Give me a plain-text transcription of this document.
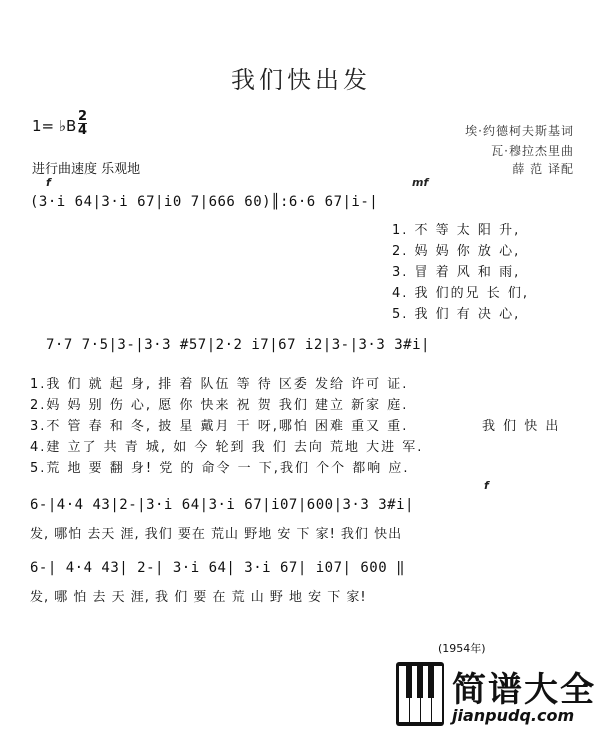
我们快出发
1= ♭B $\frac{2}{4}$
进行曲速度 乐观地
埃·约德柯夫斯基词
瓦·穆拉杰里曲
薛 范 译配
f	mf
(3·i 64|3·i 67|i0 7|666 60)║:6·6 67|i-|
1. 不 等 太 阳 升,
2. 妈 妈 你 放 心,
3. 冒 着 风 和 雨,
4. 我 们的兄 长 们,
5. 我 们 有 决 心,
7·7 7·5|3-|3·3 #57|2·2 i7|67 i2|3-|3·3 3#i|
1.我 们 就 起 身, 排 着 队伍 等 待 区委 发给 许可 证.
2.妈 妈 别 伤 心, 愿 你 快来 祝 贺 我们 建立 新家 庭.
3.不 管 春 和 冬, 披 星 戴月 干 呀,哪怕 困难 重又 重.
4.建 立了 共 青 城, 如 今 轮到 我 们 去向 荒地 大进 军.
5.荒 地 要 翻 身! 党 的 命令 一 下,我们 个个 都响 应.
我 们 快 出
f
6-|4·4 43|2-|3·i 64|3·i 67|i07|600|3·3 3#i|
发, 哪怕 去天 涯, 我们 要在 荒山 野地 安 下 家! 我们 快出
6-| 4·4 43| 2-| 3·i 64| 3·i 67| i07| 600 ‖
发, 哪 怕 去 天 涯, 我 们 要 在 荒 山 野 地 安 下 家!
(1954年)
简谱大全
jianpudq.com
